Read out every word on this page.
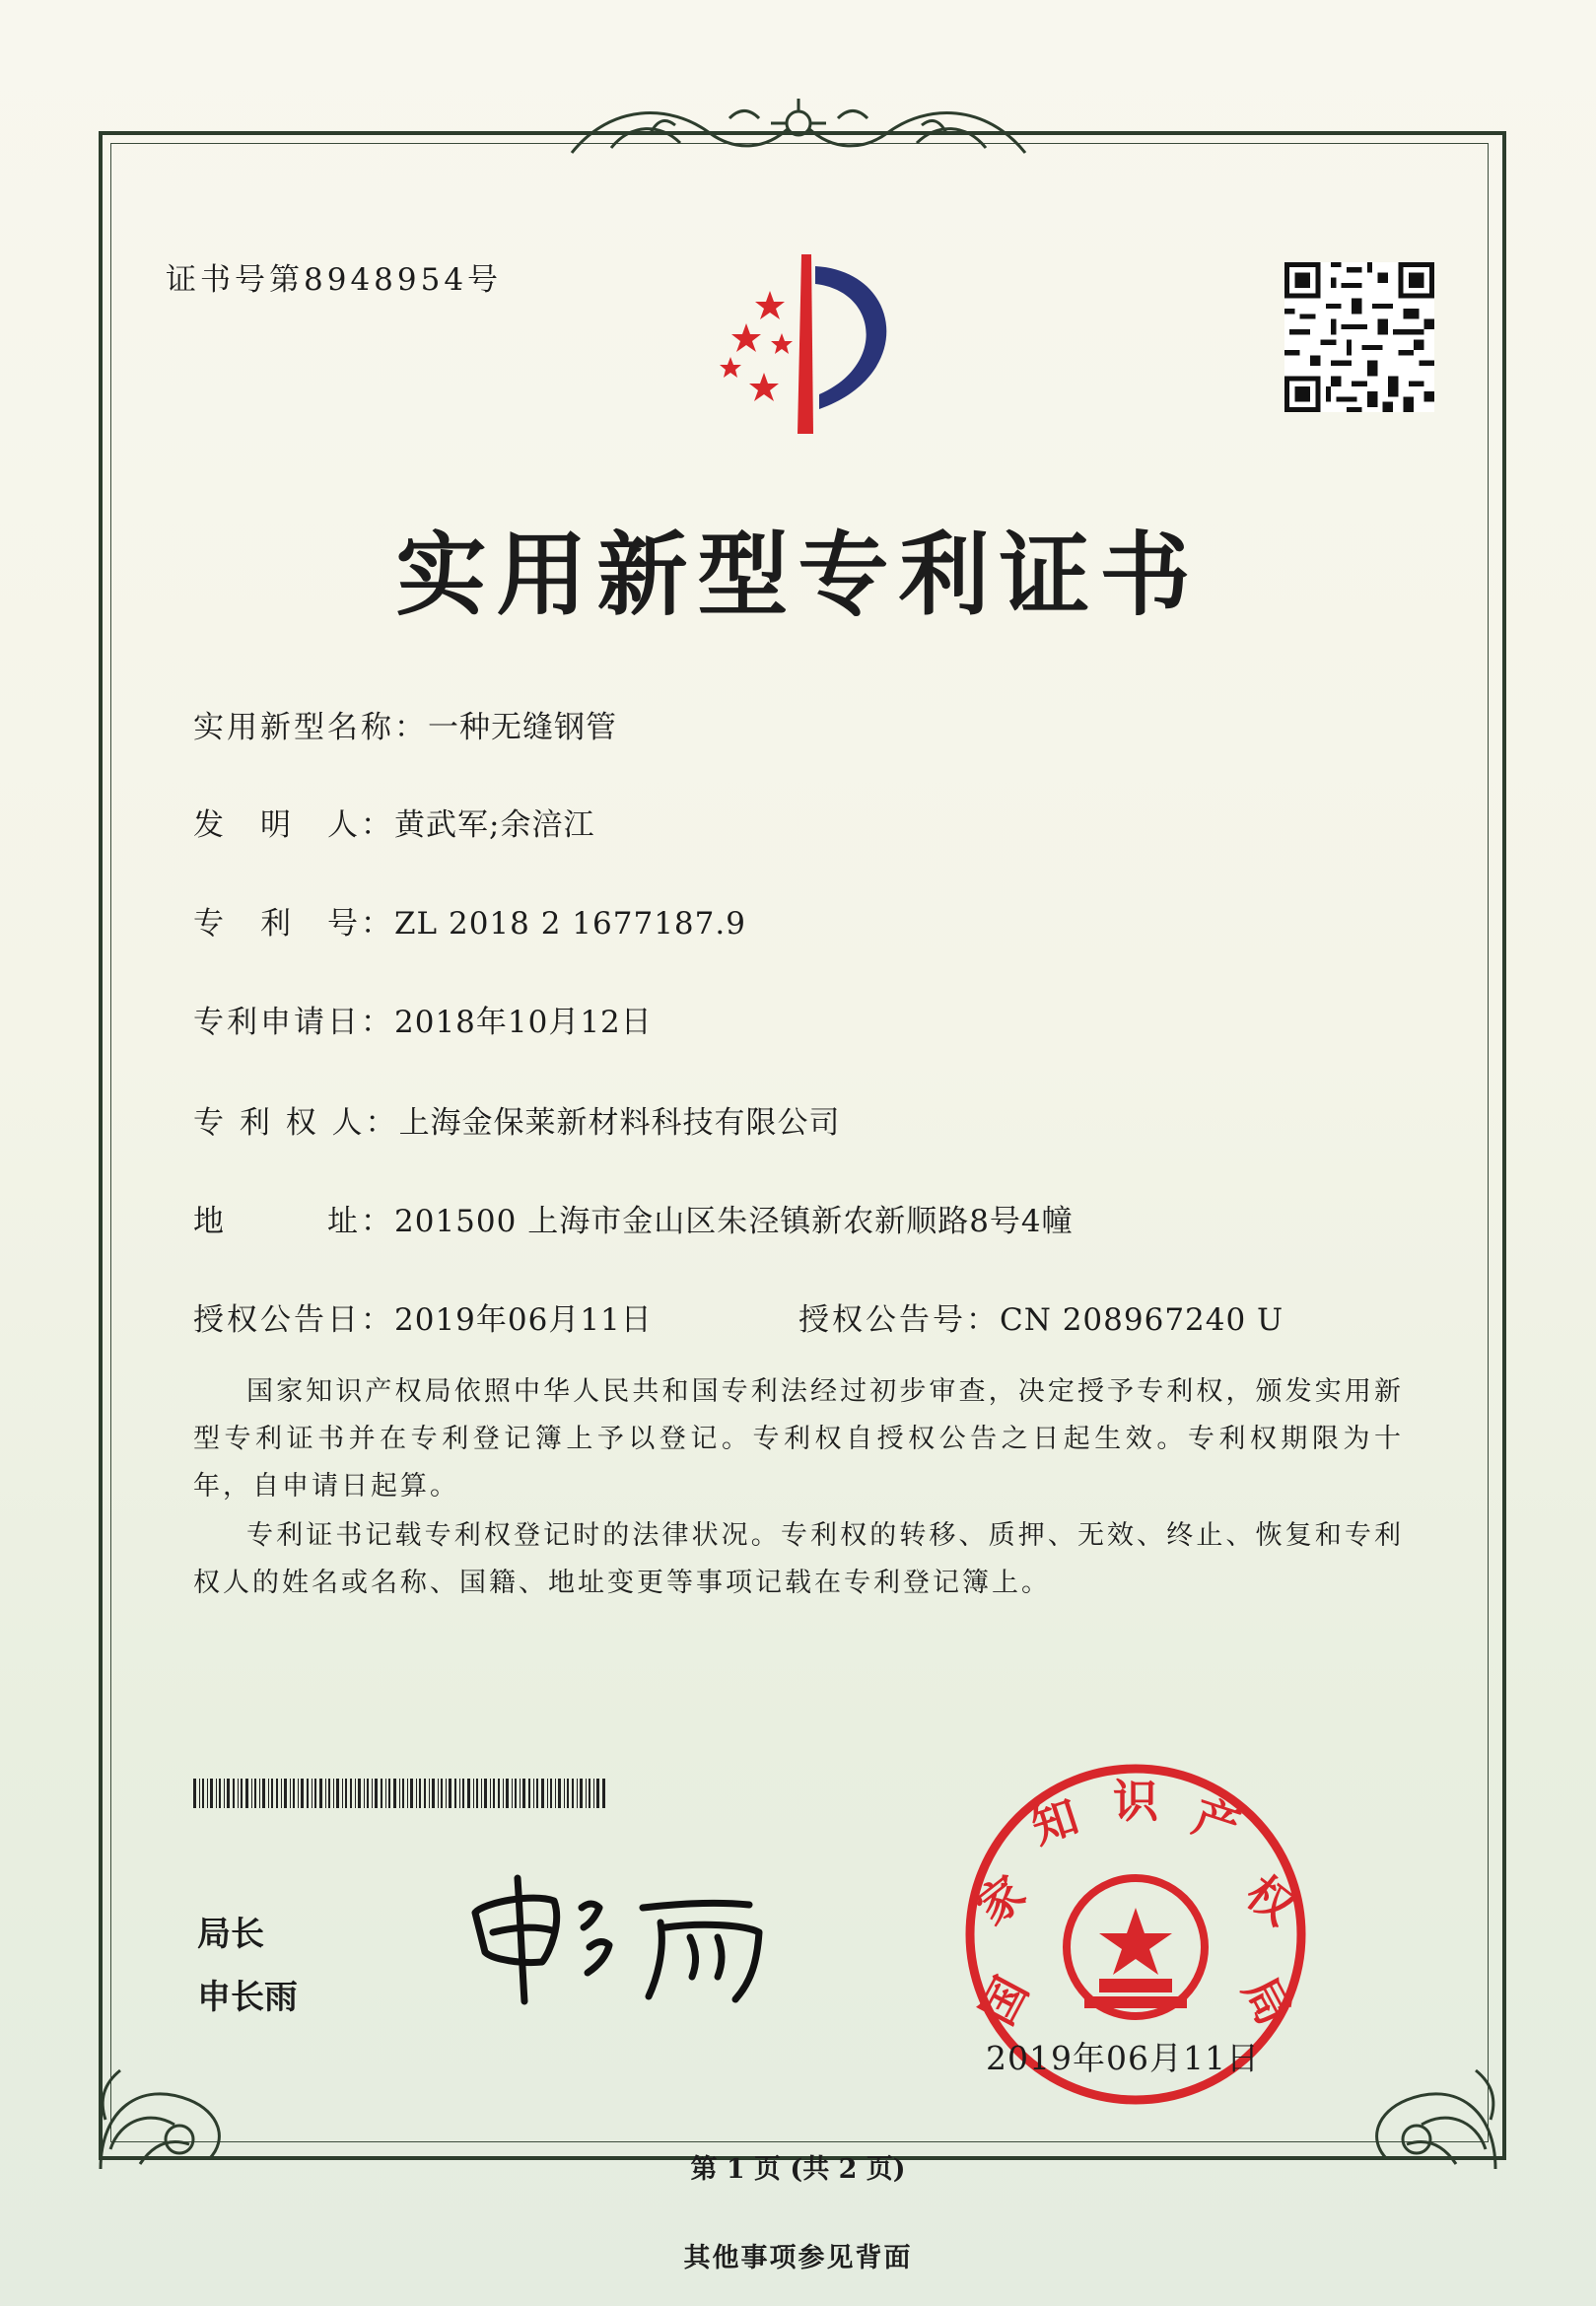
证书号第8948954号
实用新型专利证书
实用新型名称：一种无缝钢管
发　明　人：黄武军;余涪江
专　利　号：ZL 2018 2 1677187.9
专利申请日：2018年10月12日
专 利 权 人：上海金保莱新材料科技有限公司
地　　　址：201500 上海市金山区朱泾镇新农新顺路8号4幢
授权公告日：2019年06月11日	授权公告号：CN 208967240 U
国家知识产权局依照中华人民共和国专利法经过初步审查，决定授予专利权，颁发实用新型专利证书并在专利登记簿上予以登记。专利权自授权公告之日起生效。专利权期限为十年，自申请日起算。
专利证书记载专利权登记时的法律状况。专利权的转移、质押、无效、终止、恢复和专利权人的姓名或名称、国籍、地址变更等事项记载在专利登记簿上。
局长
申长雨	国
家
知 识 产
权
局
2019年06月11日
第 1 页 (共 2 页)
其他事项参见背面
